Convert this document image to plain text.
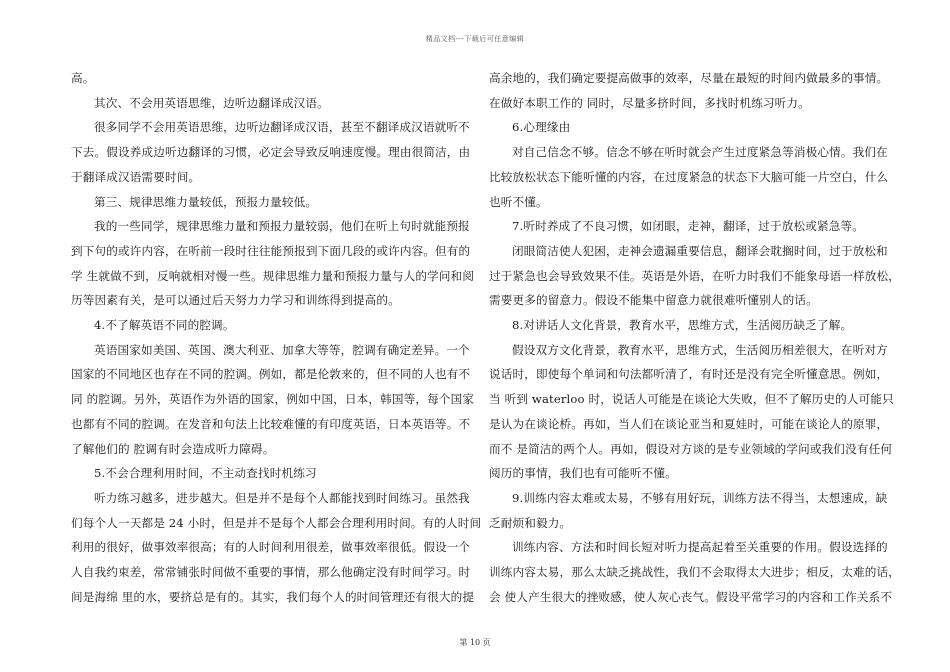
精品文档---下载后可任意编辑

高。

其次、不会用英语思维，边听边翻译成汉语。

很多同学不会用英语思维，边听边翻译成汉语，甚至不翻译成汉语就听不

下去。假设养成边听边翻译的习惯，必定会导致反响速度慢。理由很简洁，由

于翻译成汉语需要时间。

第三、规律思维力量较低，预报力量较低。

我的一些同学，规律思维力量和预报力量较弱，他们在听上句时就能预报

到下句的或许内容，在听前一段时往往能预报到下面几段的或许内容。但有的

学 生就做不到，反响就相对慢一些。规律思维力量和预报力量与人的学问和阅

历等因素有关，是可以通过后天努力力学习和训练得到提高的。

4.不了解英语不同的腔调。

英语国家如美国、英国、澳大利亚、加拿大等等，腔调有确定差异。一个

国家的不同地区也存在不同的腔调。例如，都是伦敦来的，但不同的人也有不

同 的腔调。另外，英语作为外语的国家，例如中国，日本，韩国等，每个国家

也都有不同的腔调。在发音和句法上比较难懂的有印度英语，日本英语等。不

了解他们的 腔调有时会造成听力障碍。

5.不会合理利用时间，不主动查找时机练习

听力练习越多，进步越大。但是并不是每个人都能找到时间练习。虽然我

们每个人一天都是 24 小时，但是并不是每个人都会合理利用时间。有的人时间

利用的很好，做事效率很高；有的人时间利用很差，做事效率很低。假设一个

人自我约束差，常常铺张时间做不重要的事情，那么他确定没有时间学习。时

间是海绵 里的水，要挤总是有的。其实，我们每个人的时间管理还有很大的提

高余地的，我们确定要提高做事的效率，尽量在最短的时间内做最多的事情。

在做好本职工作的 同时，尽量多挤时间，多找时机练习听力。

6.心理缘由

对自己信念不够。信念不够在听时就会产生过度紧急等消极心情。我们在

比较放松状态下能听懂的内容，在过度紧急的状态下大脑可能一片空白，什么

也听不懂。

7.听时养成了不良习惯，如闭眼，走神，翻译，过于放松或紧急等。

闭眼简洁使人犯困，走神会遗漏重要信息，翻译会耽搁时间，过于放松和

过于紧急也会导致效果不佳。英语是外语，在听力时我们不能象母语一样放松，

需要更多的留意力。假设不能集中留意力就很难听懂别人的话。

8.对讲话人文化背景，教育水平，思维方式，生活阅历缺乏了解。

假设双方文化背景，教育水平，思维方式，生活阅历相差很大，在听对方

说话时，即使每个单词和句法都听清了，有时还是没有完全听懂意思。例如，

当 听到 waterloo 时，说话人可能是在谈论大失败，但不了解历史的人可能只

是认为在谈论桥。再如，当人们在谈论亚当和夏娃时，可能在谈论人的原罪，

而不 是简洁的两个人。再如，假设对方谈的是专业领域的学问或我们没有任何

阅历的事情，我们也有可能听不懂。

9.训练内容太难或太易，不够有用好玩，训练方法不得当，太想速成，缺

乏耐烦和毅力。

训练内容、方法和时间长短对听力提高起着至关重要的作用。假设选择的

训练内容太易，那么太缺乏挑战性，我们不会取得太大进步；相反，太难的话，

会 使人产生很大的挫败感，使人灰心丧气。假设平常学习的内容和工作关系不

第 10 页
